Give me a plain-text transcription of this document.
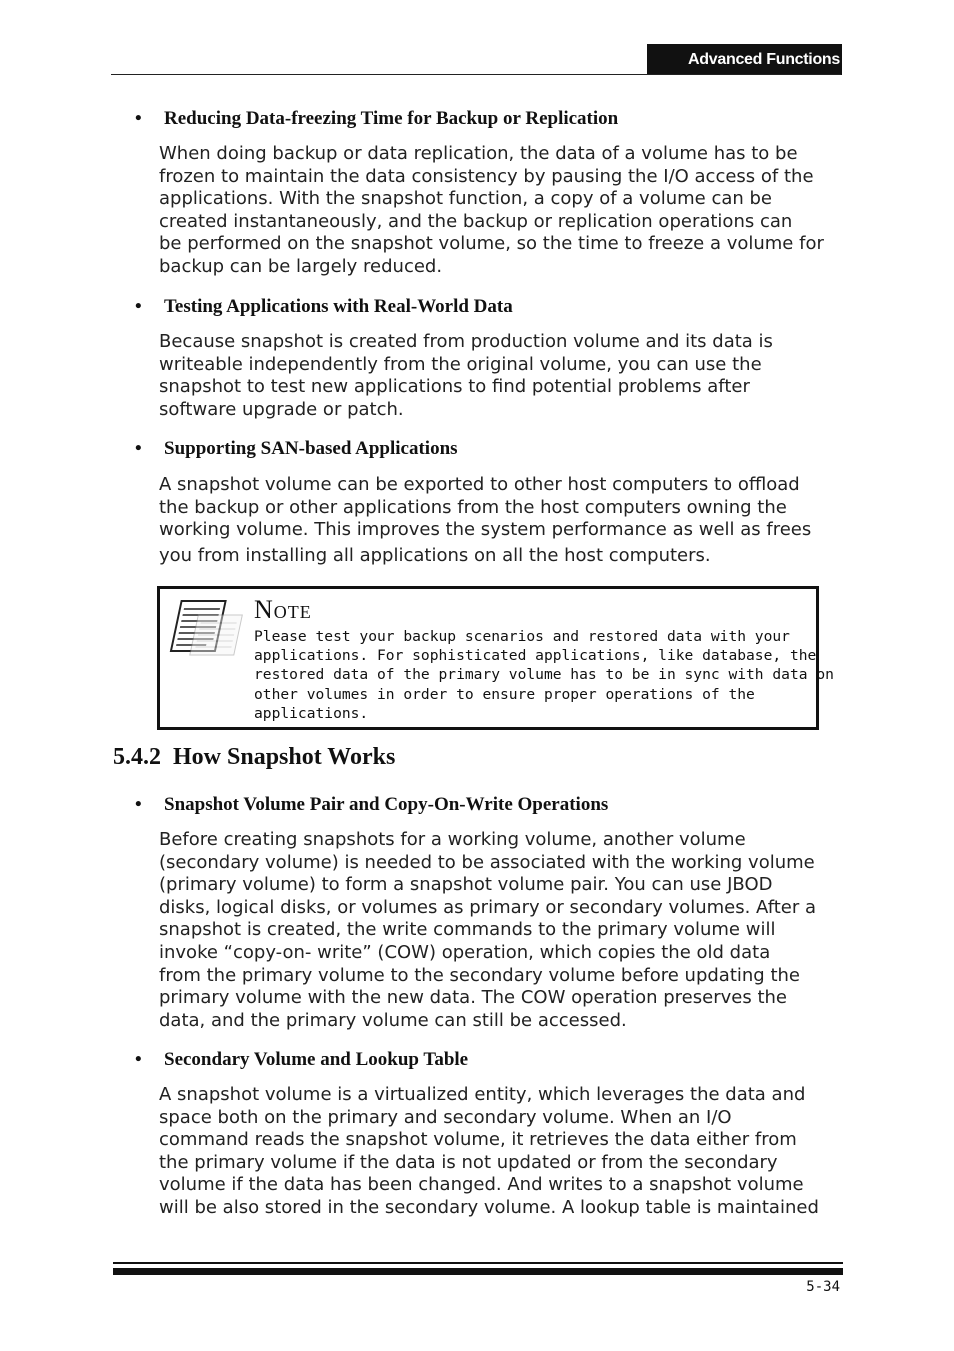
Advanced Functions
• Reducing Data-freezing Time for Backup or Replication
When doing backup or data replication, the data of a volume has to be
frozen to maintain the data consistency by pausing the I/O access of the
applications. With the snapshot function, a copy of a volume can be
created instantaneously, and the backup or replication operations can
be performed on the snapshot volume, so the time to freeze a volume for
backup can be largely reduced.
• Testing Applications with Real-World Data
Because snapshot is created from production volume and its data is
writeable independently from the original volume, you can use the
snapshot to test new applications to find potential problems after
software upgrade or patch.
• Supporting SAN-based Applications
A snapshot volume can be exported to other host computers to offload
the backup or other applications from the host computers owning the
working volume. This improves the system performance as well as frees
you from installing all applications on all the host computers.
Note
Please test your backup scenarios and restored data with your
applications. For sophisticated applications, like database, the
restored data of the primary volume has to be in sync with data on
other volumes in order to ensure proper operations of the
applications.
5.4.2  How Snapshot Works
• Snapshot Volume Pair and Copy-On-Write Operations
Before creating snapshots for a working volume, another volume
(secondary volume) is needed to be associated with the working volume
(primary volume) to form a snapshot volume pair. You can use JBOD
disks, logical disks, or volumes as primary or secondary volumes. After a
snapshot is created, the write commands to the primary volume will
invoke “copy-on- write” (COW) operation, which copies the old data
from the primary volume to the secondary volume before updating the
primary volume with the new data. The COW operation preserves the
data, and the primary volume can still be accessed.
• Secondary Volume and Lookup Table
A snapshot volume is a virtualized entity, which leverages the data and
space both on the primary and secondary volume. When an I/O
command reads the snapshot volume, it retrieves the data either from
the primary volume if the data is not updated or from the secondary
volume if the data has been changed. And writes to a snapshot volume
will be also stored in the secondary volume. A lookup table is maintained
5-34
